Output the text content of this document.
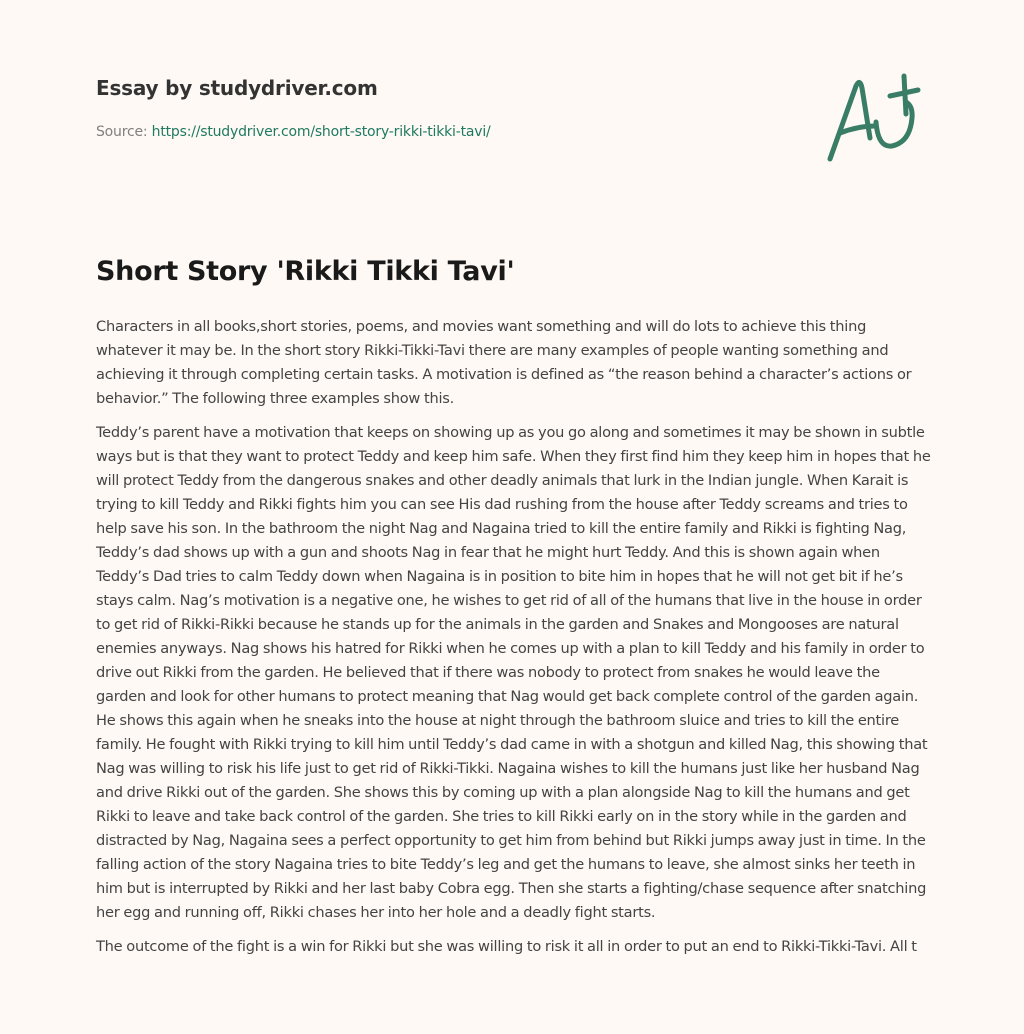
Essay by studydriver.com
Source: https://studydriver.com/short-story-rikki-tikki-tavi/
Short Story 'Rikki Tikki Tavi'

Characters in all books,short stories, poems, and movies want something and will do lots to achieve this thing whatever it may be. In the short story Rikki-Tikki-Tavi there are many examples of people wanting something and achieving it through completing certain tasks. A motivation is defined as “the reason behind a character’s actions or behavior.” The following three examples show this.

Teddy’s parent have a motivation that keeps on showing up as you go along and sometimes it may be shown in subtle ways but is that they want to protect Teddy and keep him safe. When they first find him they keep him in hopes that he will protect Teddy from the dangerous snakes and other deadly animals that lurk in the Indian jungle. When Karait is trying to kill Teddy and Rikki fights him you can see His dad rushing from the house after Teddy screams and tries to help save his son. In the bathroom the night Nag and Nagaina tried to kill the entire family and Rikki is fighting Nag, Teddy’s dad shows up with a gun and shoots Nag in fear that he might hurt Teddy. And this is shown again when Teddy’s Dad tries to calm Teddy down when Nagaina is in position to bite him in hopes that he will not get bit if he’s stays calm. Nag’s motivation is a negative one, he wishes to get rid of all of the humans that live in the house in order to get rid of Rikki-Rikki because he stands up for the animals in the garden and Snakes and Mongooses are natural enemies anyways. Nag shows his hatred for Rikki when he comes up with a plan to kill Teddy and his family in order to drive out Rikki from the garden. He believed that if there was nobody to protect from snakes he would leave the garden and look for other humans to protect meaning that Nag would get back complete control of the garden again. He shows this again when he sneaks into the house at night through the bathroom sluice and tries to kill the entire family. He fought with Rikki trying to kill him until Teddy’s dad came in with a shotgun and killed Nag, this showing that Nag was willing to risk his life just to get rid of Rikki-Tikki. Nagaina wishes to kill the humans just like her husband Nag and drive Rikki out of the garden. She shows this by coming up with a plan alongside Nag to kill the humans and get Rikki to leave and take back control of the garden. She tries to kill Rikki early on in the story while in the garden and distracted by Nag, Nagaina sees a perfect opportunity to get him from behind but Rikki jumps away just in time. In the falling action of the story Nagaina tries to bite Teddy’s leg and get the humans to leave, she almost sinks her teeth in him but is interrupted by Rikki and her last baby Cobra egg. Then she starts a fighting/chase sequence after snatching her egg and running off, Rikki chases her into her hole and a deadly fight starts.

The outcome of the fight is a win for Rikki but she was willing to risk it all in order to put an end to Rikki-Tikki-Tavi. All t
